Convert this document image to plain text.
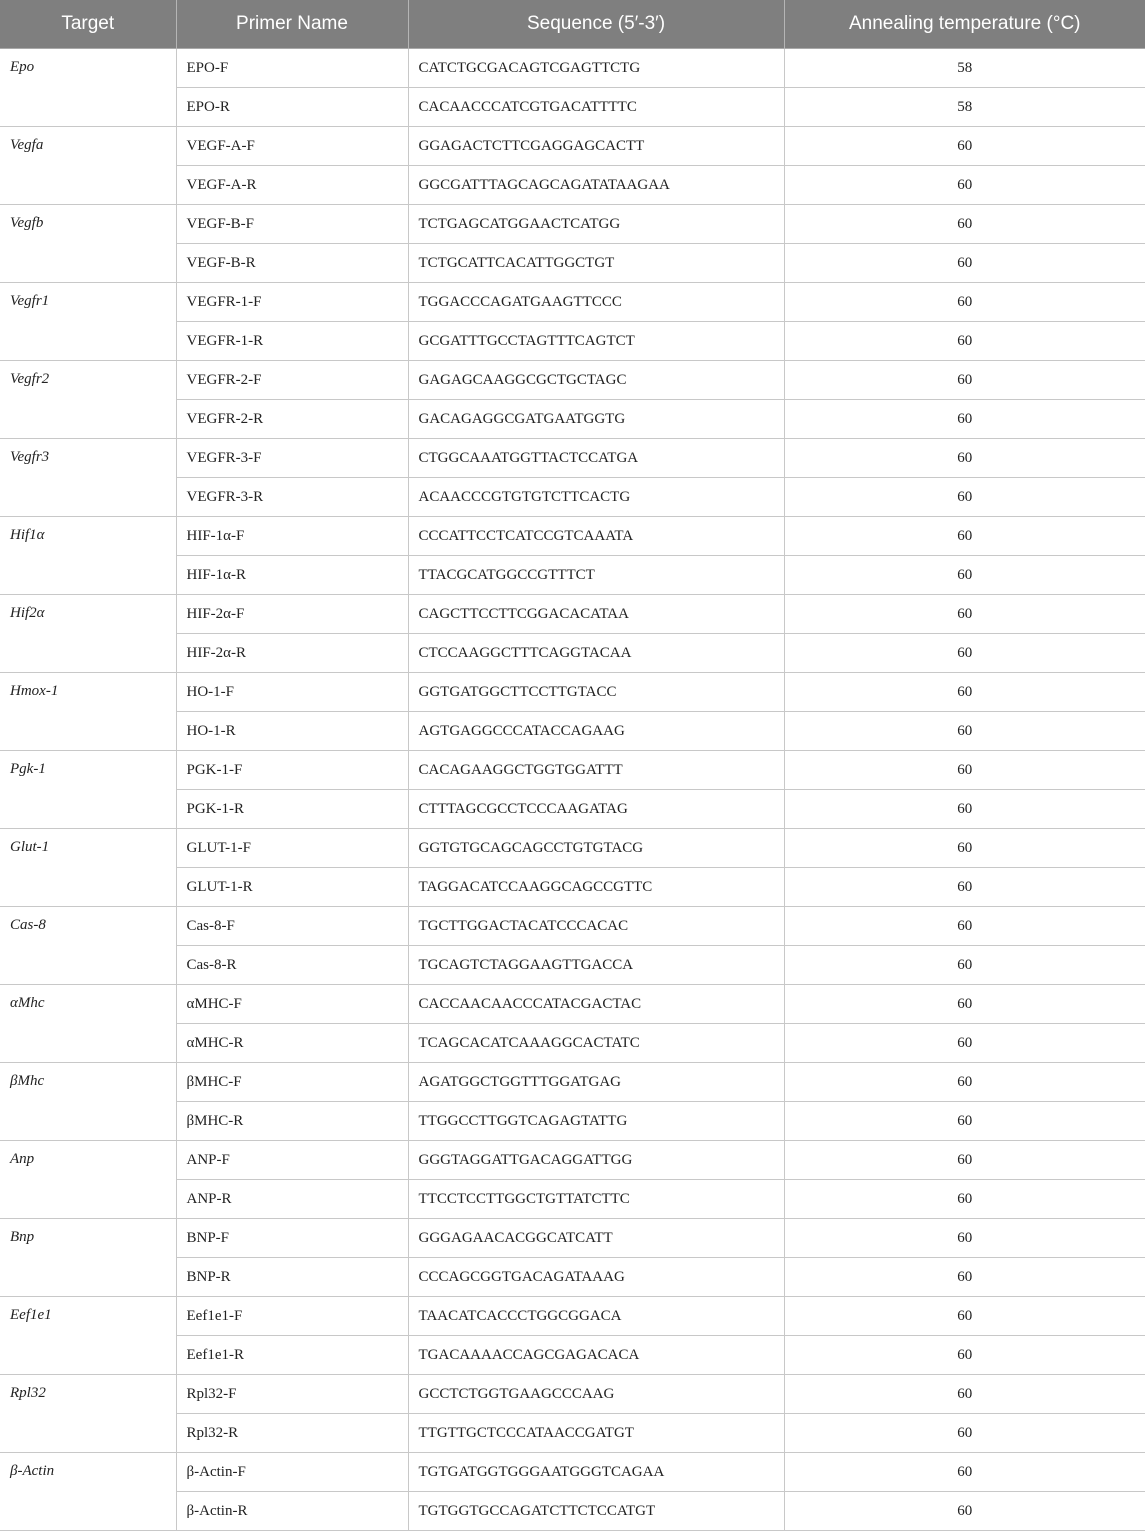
Target	Primer Name	Sequence (5′-3′)	Annealing temperature (°C)
Epo	EPO-F	CATCTGCGACAGTCGAGTTCTG	58
	EPO-R	CACAACCCATCGTGACATTTTC	58
Vegfa	VEGF-A-F	GGAGACTCTTCGAGGAGCACTT	60
	VEGF-A-R	GGCGATTTAGCAGCAGATATAAGAA	60
Vegfb	VEGF-B-F	TCTGAGCATGGAACTCATGG	60
	VEGF-B-R	TCTGCATTCACATTGGCTGT	60
Vegfr1	VEGFR-1-F	TGGACCCAGATGAAGTTCCC	60
	VEGFR-1-R	GCGATTTGCCTAGTTTCAGTCT	60
Vegfr2	VEGFR-2-F	GAGAGCAAGGCGCTGCTAGC	60
	VEGFR-2-R	GACAGAGGCGATGAATGGTG	60
Vegfr3	VEGFR-3-F	CTGGCAAATGGTTACTCCATGA	60
	VEGFR-3-R	ACAACCCGTGTGTCTTCACTG	60
Hif1α	HIF-1α-F	CCCATTCCTCATCCGTCAAATA	60
	HIF-1α-R	TTACGCATGGCCGTTTCT	60
Hif2α	HIF-2α-F	CAGCTTCCTTCGGACACATAA	60
	HIF-2α-R	CTCCAAGGCTTTCAGGTACAA	60
Hmox-1	HO-1-F	GGTGATGGCTTCCTTGTACC	60
	HO-1-R	AGTGAGGCCCATACCAGAAG	60
Pgk-1	PGK-1-F	CACAGAAGGCTGGTGGATTT	60
	PGK-1-R	CTTTAGCGCCTCCCAAGATAG	60
Glut-1	GLUT-1-F	GGTGTGCAGCAGCCTGTGTACG	60
	GLUT-1-R	TAGGACATCCAAGGCAGCCGTTC	60
Cas-8	Cas-8-F	TGCTTGGACTACATCCCACAC	60
	Cas-8-R	TGCAGTCTAGGAAGTTGACCA	60
αMhc	αMHC-F	CACCAACAACCCATACGACTAC	60
	αMHC-R	TCAGCACATCAAAGGCACTATC	60
βMhc	βMHC-F	AGATGGCTGGTTTGGATGAG	60
	βMHC-R	TTGGCCTTGGTCAGAGTATTG	60
Anp	ANP-F	GGGTAGGATTGACAGGATTGG	60
	ANP-R	TTCCTCCTTGGCTGTTATCTTC	60
Bnp	BNP-F	GGGAGAACACGGCATCATT	60
	BNP-R	CCCAGCGGTGACAGATAAAG	60
Eef1e1	Eef1e1-F	TAACATCACCCTGGCGGACA	60
	Eef1e1-R	TGACAAAACCAGCGAGACACA	60
Rpl32	Rpl32-F	GCCTCTGGTGAAGCCCAAG	60
	Rpl32-R	TTGTTGCTCCCATAACCGATGT	60
β-Actin	β-Actin-F	TGTGATGGTGGGAATGGGTCAGAA	60
	β-Actin-R	TGTGGTGCCAGATCTTCTCCATGT	60
